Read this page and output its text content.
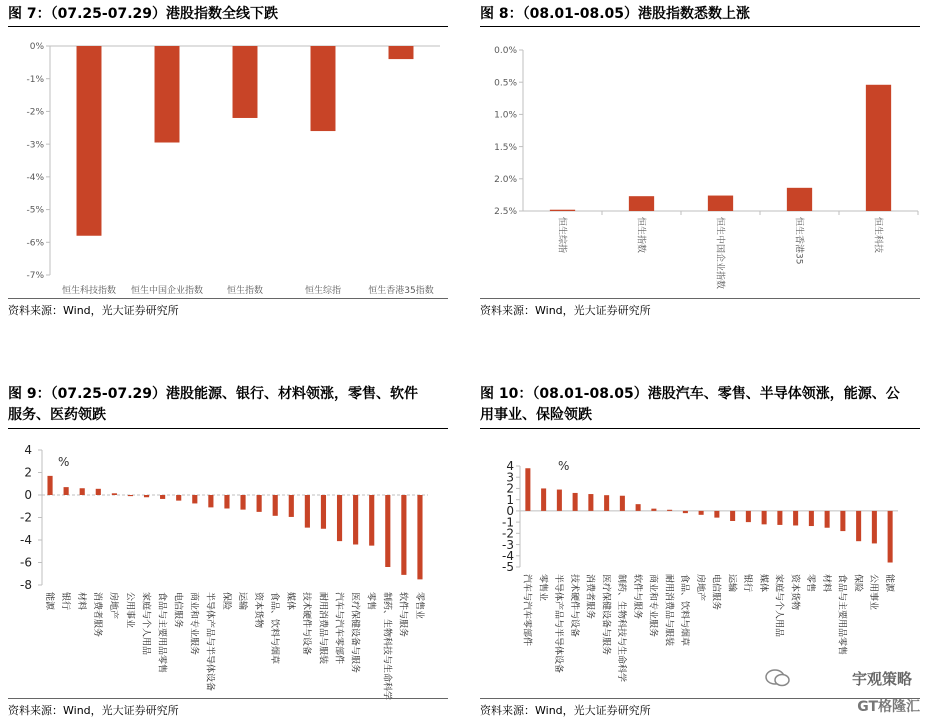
图 7：（07.25-07.29）港股指数全线下跌
0%
-1%
-2%
-3%
-4%
-5%
-6%
-7%
恒生科技指数 恒生中国企业指数	恒生指数	恒生综指	恒生香港35指数
资料来源：Wind，光大证券研究所
图 8：（08.01-08.05）港股指数悉数上涨
0.0%
0.5%
1.0%
1.5%
2.0%
2.5%
恒生综指	恒生指数	恒生中国企业指数	恒生香港35	恒生科技
资料来源：Wind，光大证券研究所
图 9：（07.25-07.29）港股能源、银行、材料领涨，零售、软件
服务、医药领跌
4
2
0
-2
-4
-6
-8
能源 银行 材料 消费者服务 房地产 公用事业 家庭与个人用品 食品与主要用品零售 电信服务 商业和专业服务 半导体产品与半导体设备 保险 运输 资本货物 食品、饮料与烟草 媒体 技术硬件与设备 耐用消费品与服装 汽车与汽车零部件 医疗保健设备与服务 零售 制药、生物科技与生命科学 软件与服务 零售业
%
资料来源：Wind，光大证券研究所
图 10：（08.01-08.05）港股汽车、零售、半导体领涨，能源、公
用事业、保险领跌
4
3
2
1
0
-1
-2
-3
-4
-5
汽车与汽车零部件 零售业 半导体产品与半导体设备 技术硬件与设备 消费者服务 医疗保健设备与服务 制药、生物科技与生命科学 软件与服务 商业和专业服务 耐用消费品与服装 食品、饮料与烟草 房地产 电信服务 运输 银行 媒体 家庭与个人用品 资本货物 零售 材料 食品与主要用品零售 保险 公用事业 能源
%
资料来源：Wind，光大证券研究所
宇观策略
GT格隆汇
